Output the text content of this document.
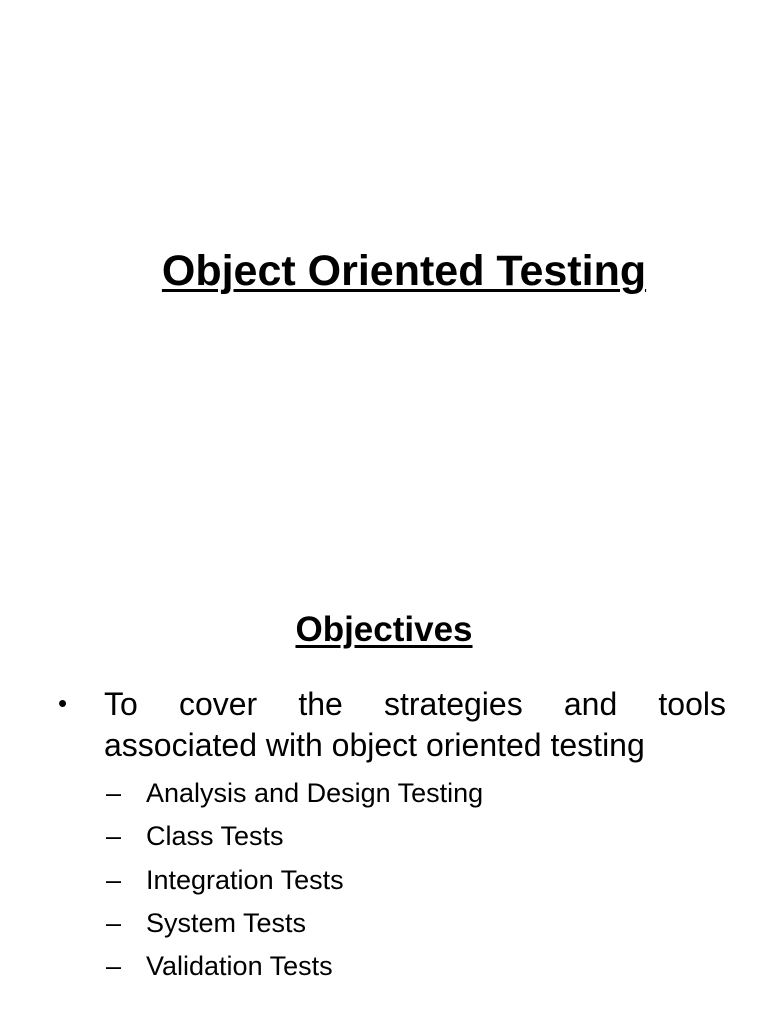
Object Oriented Testing
Objectives
• To cover the strategies and tools associated with object oriented testing

– Analysis and Design Testing
– Class Tests
– Integration Tests
– System Tests
– Validation Tests
